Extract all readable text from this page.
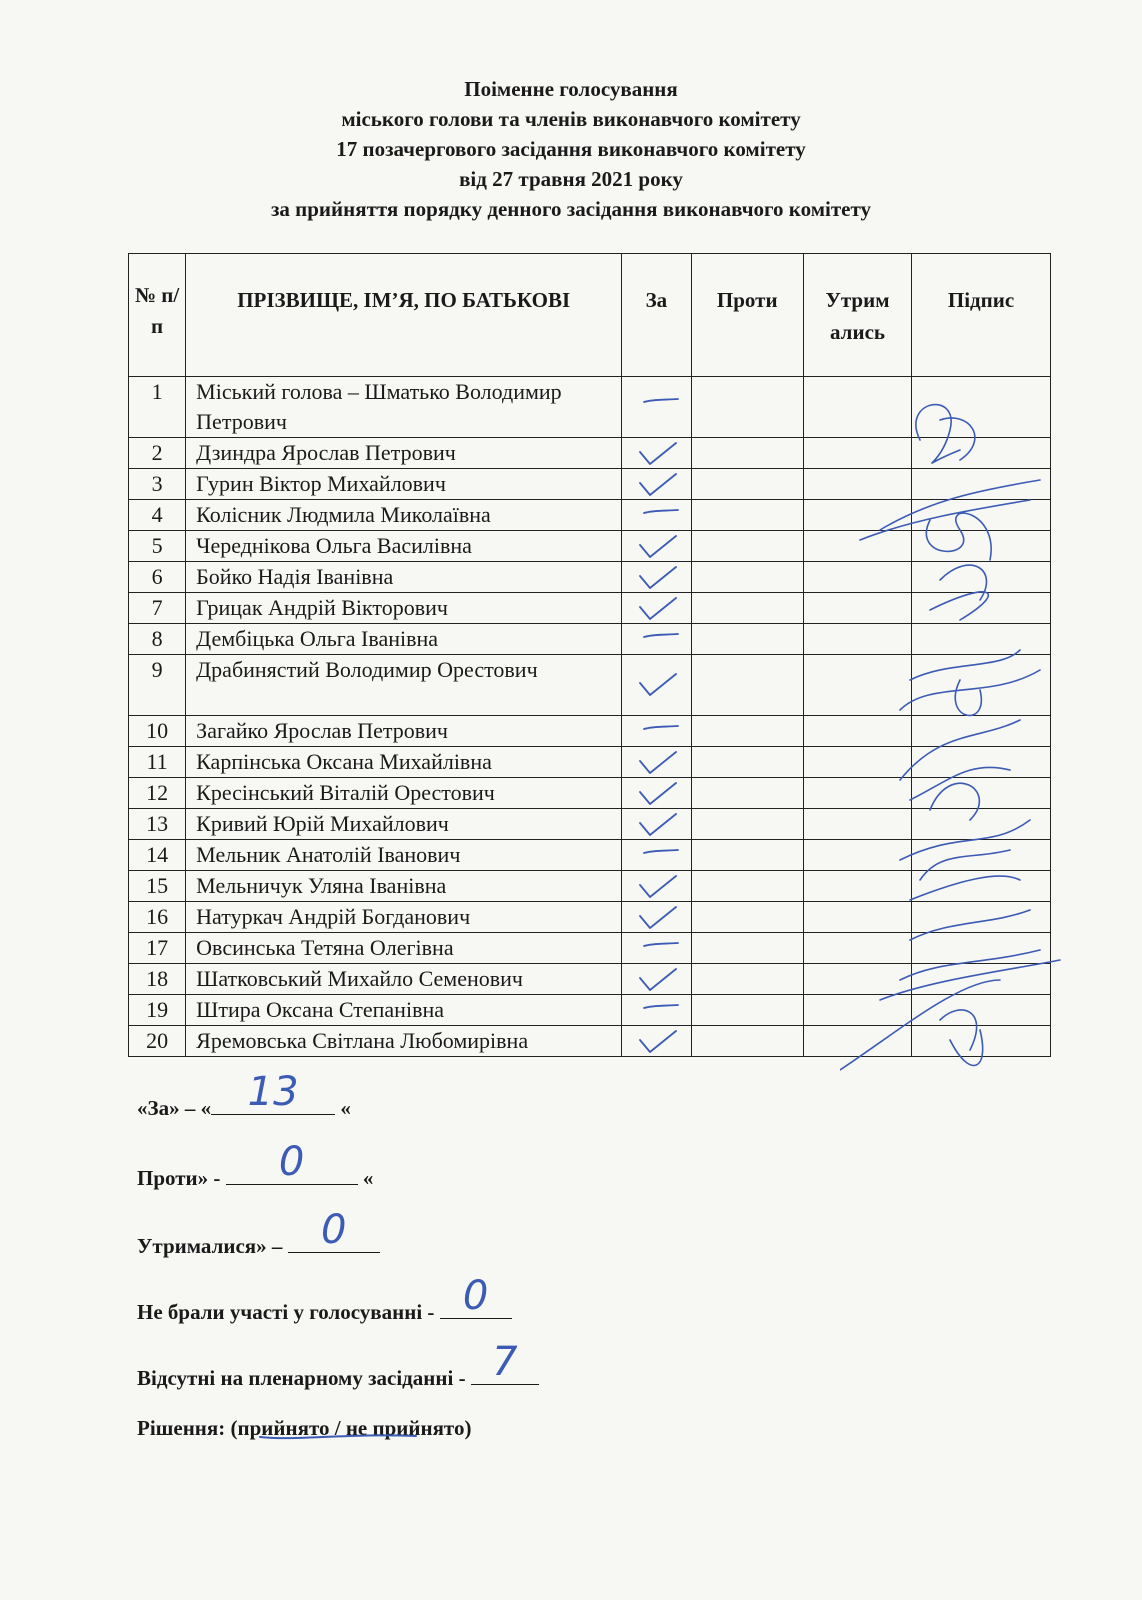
Поіменне голосування
міського голови та членів виконавчого комітету
17 позачергового засідання виконавчого комітету
від 27 травня 2021 року
за прийняття порядку денного засідання виконавчого комітету
№ п/ п	ПРІЗВИЩЕ, ІМ’Я, ПО БАТЬКОВІ	За	Проти	Утрим ались	Підпис
1	Міський голова – Шматько Володимир Петрович	

2	Дзиндра Ярослав Петрович	

3	Гурин Віктор Михайлович	

4	Колісник Людмила Миколаївна	

5	Череднікова Ольга Василівна	

6	Бойко Надія Іванівна	

7	Грицак Андрій Вікторович	

8	Дембіцька Ольга Іванівна	

9	Драбинястий Володимир Орестович	

10	Загайко Ярослав Петрович	

11	Карпінська Оксана Михайлівна	

12	Кресінський Віталій Орестович	

13	Кривий Юрій Михайлович	

14	Мельник Анатолій Іванович	

15	Мельничук Уляна Іванівна	

16	Натуркач Андрій Богданович	

17	Овсинська Тетяна Олегівна	

18	Шатковський Михайло Семенович	

19	Штира Оксана Степанівна	

20	Яремовська Світлана Любомирівна	

«За» – « 13	«
Проти» -	0	«
Утрималися» – 0
Не брали участі у голосуванні - 0
Відсутні на пленарному засіданні - 7
Рішення: (прийнято / не прийнято)
